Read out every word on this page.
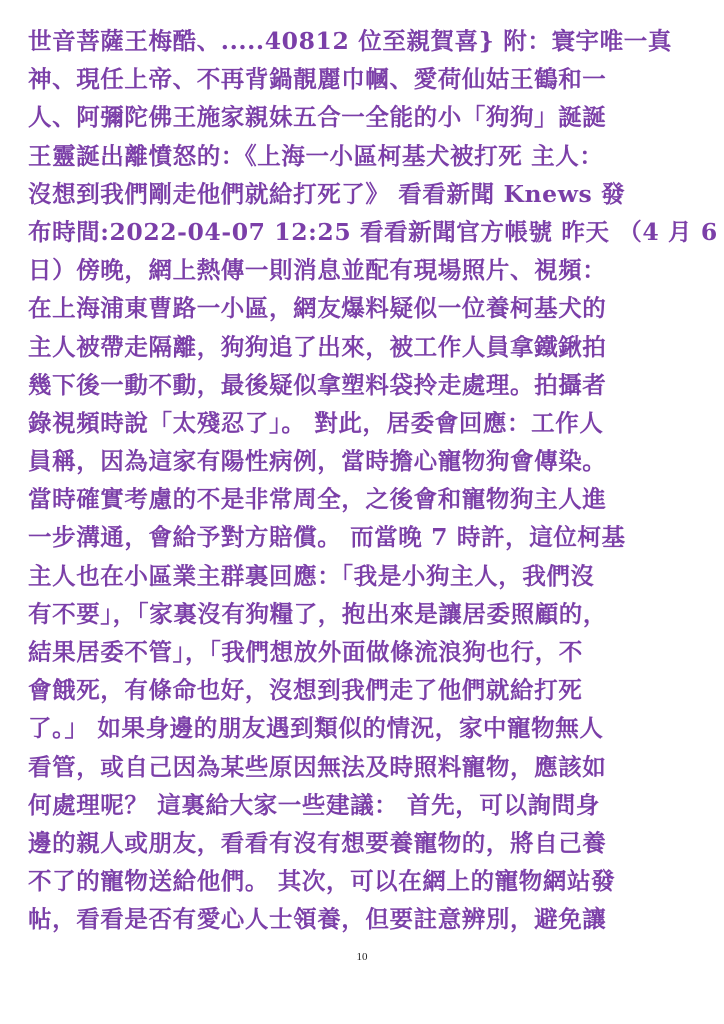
世音菩薩王梅酷、.....40812 位至親賀喜} 附：寰宇唯一真
神、現任上帝、不再背鍋靚麗巾幗、愛荷仙姑王鶴和一
人、阿彌陀佛王施家親妹五合一全能的小「狗狗」誕誕
王靈誕出離憤怒的：《上海一小區柯基犬被打死 主人：
沒想到我們剛走他們就給打死了》 看看新聞 Knews 發
布時間:2022-04-07 12:25 看看新聞官方帳號 昨天 （4 月 6
日）傍晚，網上熱傳一則消息並配有現場照片、視頻：
在上海浦東曹路一小區，網友爆料疑似一位養柯基犬的
主人被帶走隔離，狗狗追了出來，被工作人員拿鐵鍬拍
幾下後一動不動，最後疑似拿塑料袋拎走處理。拍攝者
錄視頻時說「太殘忍了」。 對此，居委會回應：工作人
員稱，因為這家有陽性病例，當時擔心寵物狗會傳染。
當時確實考慮的不是非常周全，之後會和寵物狗主人進
一步溝通，會給予對方賠償。 而當晚 7 時許，這位柯基
主人也在小區業主群裏回應：「我是小狗主人，我們沒
有不要」，「家裏沒有狗糧了，抱出來是讓居委照顧的，
結果居委不管」，「我們想放外面做條流浪狗也行，不
會餓死，有條命也好，沒想到我們走了他們就給打死
了。」 如果身邊的朋友遇到類似的情況，家中寵物無人
看管，或自己因為某些原因無法及時照料寵物，應該如
何處理呢？ 這裏給大家一些建議： 首先，可以詢問身
邊的親人或朋友，看看有沒有想要養寵物的，將自己養
不了的寵物送給他們。 其次，可以在網上的寵物網站發
帖，看看是否有愛心人士領養，但要註意辨別，避免讓
10
